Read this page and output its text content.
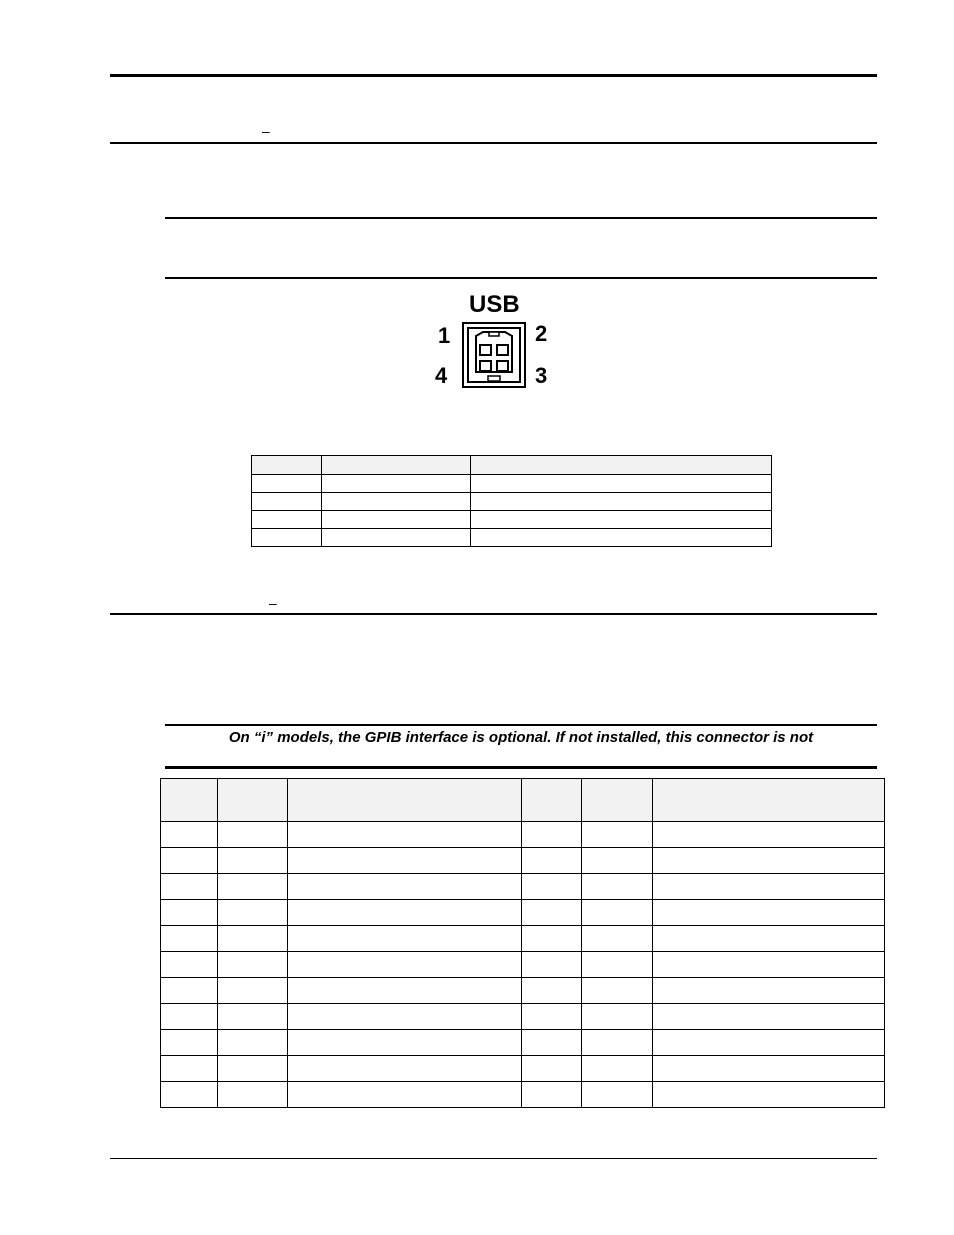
–
USB
1	2
4	3

–
On “i” models, the GPIB interface is optional. If not installed, this connector is not
